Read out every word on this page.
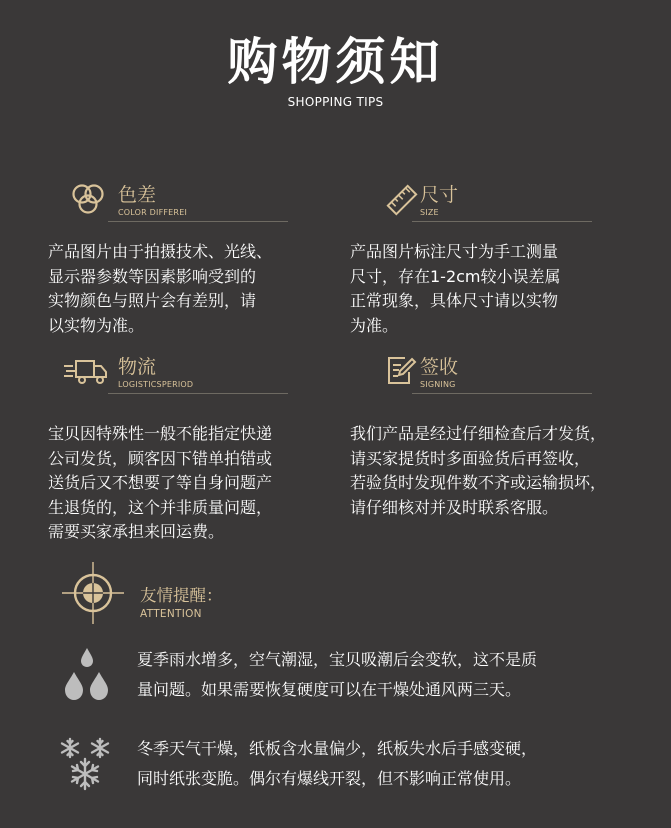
购物须知
SHOPPING TIPS
色差
COLOR DIFFEREI
产品图片由于拍摄技术、光线、
显示器参数等因素影响受到的
实物颜色与照片会有差别，请
以实物为准。
尺寸
SIZE
产品图片标注尺寸为手工测量
尺寸，存在1-2cm较小误差属
正常现象，具体尺寸请以实物
为准。
物流
LOGISTICSPERIOD
宝贝因特殊性一般不能指定快递
公司发货，顾客因下错单拍错或
送货后又不想要了等自身问题产
生退货的，这个并非质量问题，
需要买家承担来回运费。
签收
SIGNING
我们产品是经过仔细检查后才发货，
请买家提货时多面验货后再签收，
若验货时发现件数不齐或运输损坏，
请仔细核对并及时联系客服。
友情提醒：
ATTENTION
夏季雨水增多，空气潮湿，宝贝吸潮后会变软，这不是质
量问题。如果需要恢复硬度可以在干燥处通风两三天。
冬季天气干燥，纸板含水量偏少，纸板失水后手感变硬，
同时纸张变脆。偶尔有爆线开裂，但不影响正常使用。
